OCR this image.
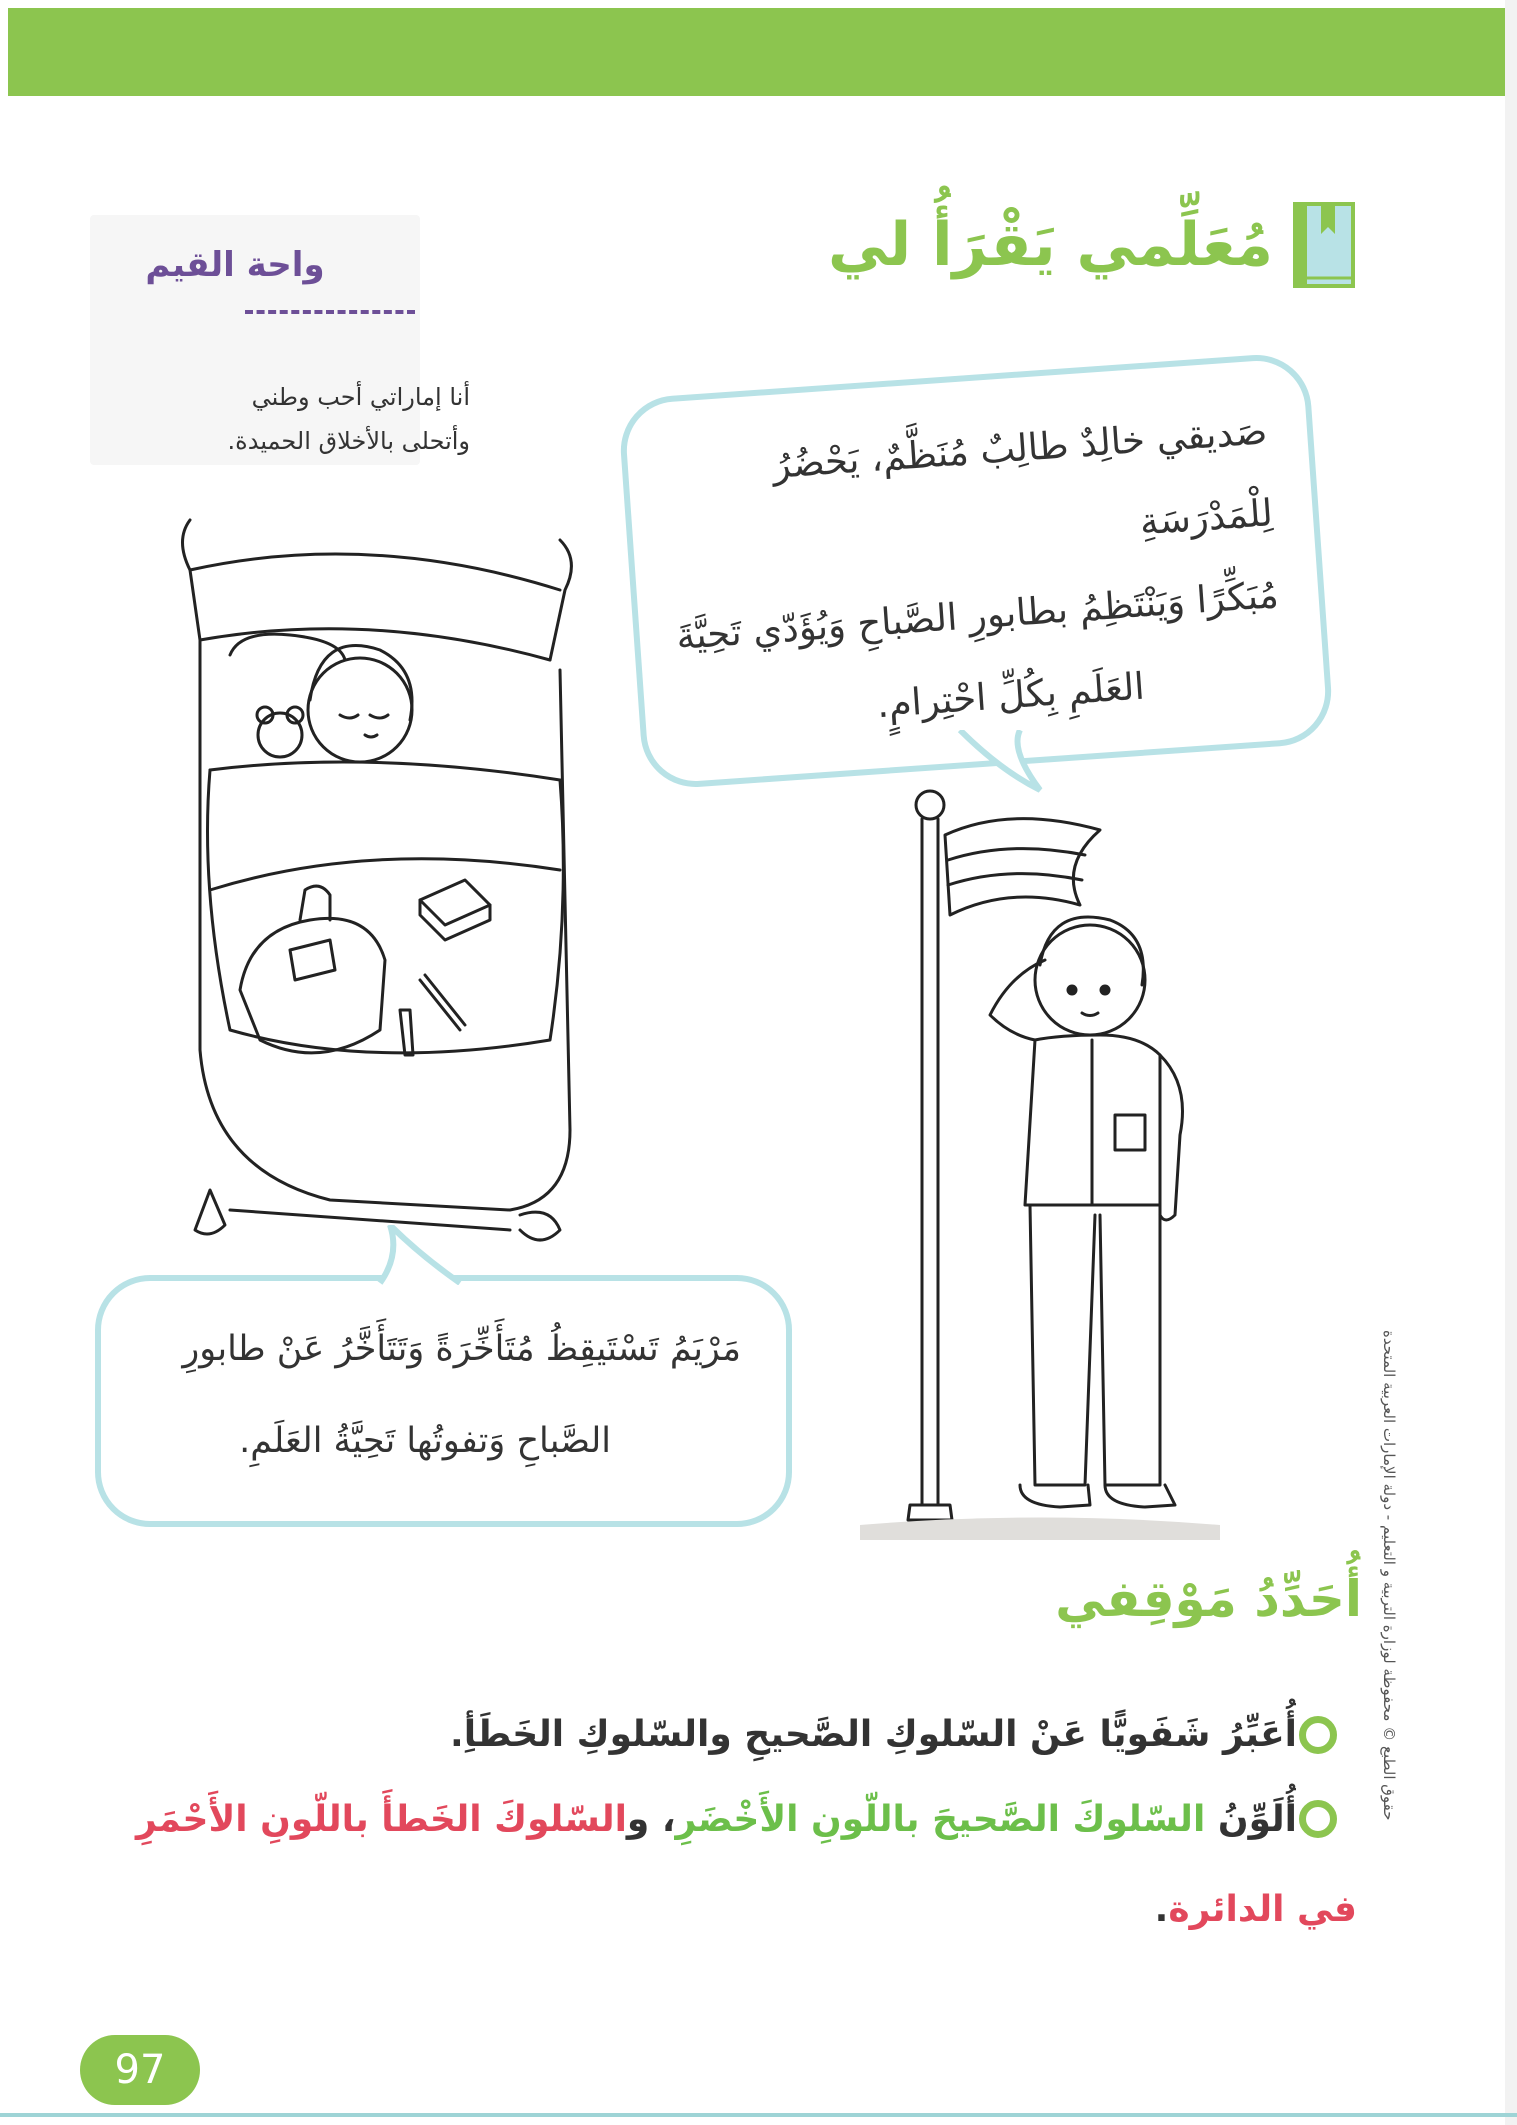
مُعَلِّمي يَقْرَأُ لي
واحة القيم
أنا إماراتي أحب وطني
وأتحلى بالأخلاق الحميدة.	صَديقي خالِدٌ طالِبٌ مُنَظَّمٌ، يَحْضُرُ لِلْمَدْرَسَةِ
مُبَكِّرًا وَيَنْتَظِمُ بطابورِ الصَّباحِ وَيُؤَدّي تَحِيَّةَ
العَلَمِ بِكُلِّ احْتِرامٍ.
مَرْيَمُ تَسْتَيقِظُ مُتَأَخِّرَةً وَتَتَأَخَّرُ عَنْ طابورِ
الصَّباحِ وَتفوتُها تَحِيَّةُ العَلَمِ.
أُحَدِّدُ مَوْقِفي
أُعَبِّرُ شَفَويًّا عَنْ السّلوكِ الصَّحيحِ والسّلوكِ الخَطَأِ.
أُلَوِّنُ السّلوكَ الصَّحيحَ باللّونِ الأَخْضَرِ، والسّلوكَ الخَطأَ باللّونِ الأَحْمَرِ في الدائرة.
حقوق الطبع © محفوظة لوزارة التربية و التعليم - دولة الإمارات العربية المتحدة
97
